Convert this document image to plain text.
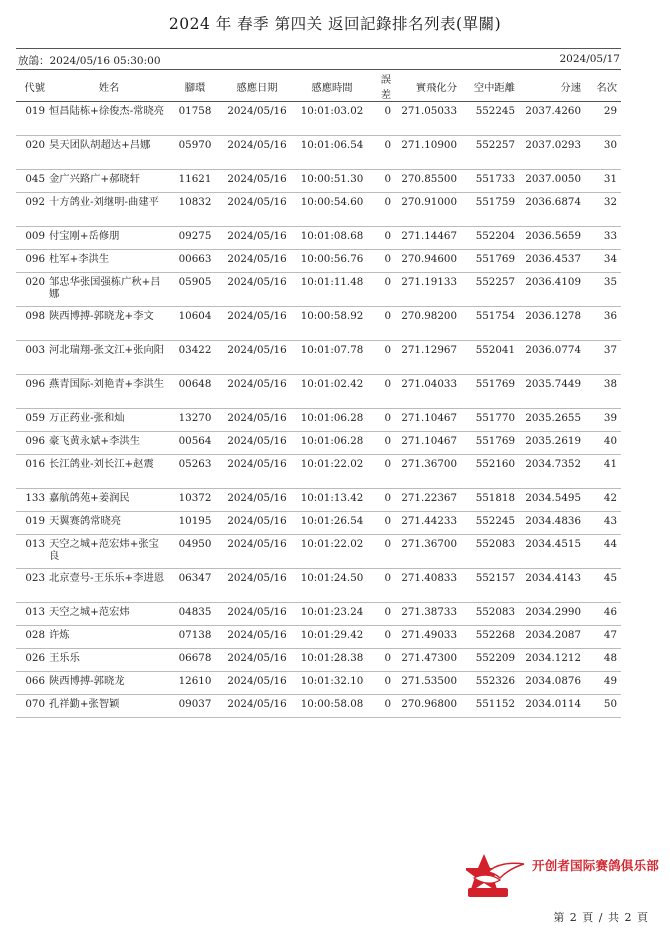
2024 年 春季 第四关 返回記錄排名列表(單關)
放鴿：2024/05/16 05:30:00	2024/05/17
代號	姓名	腳環	感應日期	感應時間	誤差	實飛化分	空中距離	分速	名次

019	恒昌陆栋+徐俊杰-常晓亮	01758	2024/05/16	10:01:03.02	0	271.05033	552245	2037.4260	29

020	昊天团队胡超达+吕娜	05970	2024/05/16	10:01:06.54	0	271.10900	552257	2037.0293	30

045	金广兴路广+郝晓轩	11621	2024/05/16	10:00:51.30	0	270.85500	551733	2037.0050	31

092	十方鸽业-刘继明-曲建平	10832	2024/05/16	10:00:54.60	0	270.91000	551759	2036.6874	32

009	付宝刚+岳修朋	09275	2024/05/16	10:01:08.68	0	271.14467	552204	2036.5659	33

096	杜军+李洪生	00663	2024/05/16	10:00:56.76	0	270.94600	551769	2036.4537	34

020	邹忠华张国强栋广秋+吕娜	05905	2024/05/16	10:01:11.48	0	271.19133	552257	2036.4109	35

098	陕西博搏-郭晓龙+李文	10604	2024/05/16	10:00:58.92	0	270.98200	551754	2036.1278	36

003	河北瑞翔-张文江+张向阳	03422	2024/05/16	10:01:07.78	0	271.12967	552041	2036.0774	37

096	燕青国际-刘艳青+李洪生	00648	2024/05/16	10:01:02.42	0	271.04033	551769	2035.7449	38

059	万正药业-张和灿	13270	2024/05/16	10:01:06.28	0	271.10467	551770	2035.2655	39

096	豪飞黄永斌+李洪生	00564	2024/05/16	10:01:06.28	0	271.10467	551769	2035.2619	40

016	长江鸽业-刘长江+赵震	05263	2024/05/16	10:01:22.02	0	271.36700	552160	2034.7352	41

133	嘉航鸽苑+姜润民	10372	2024/05/16	10:01:13.42	0	271.22367	551818	2034.5495	42

019	天翼赛鸽常晓亮	10195	2024/05/16	10:01:26.54	0	271.44233	552245	2034.4836	43

013	天空之城+范宏炜+张宝良	04950	2024/05/16	10:01:22.02	0	271.36700	552083	2034.4515	44

023	北京壹号-王乐乐+李进恩	06347	2024/05/16	10:01:24.50	0	271.40833	552157	2034.4143	45

013	天空之城+范宏炜	04835	2024/05/16	10:01:23.24	0	271.38733	552083	2034.2990	46

028	许炼	07138	2024/05/16	10:01:29.42	0	271.49033	552268	2034.2087	47

026	王乐乐	06678	2024/05/16	10:01:28.38	0	271.47300	552209	2034.1212	48

066	陕西博搏-郭晓龙	12610	2024/05/16	10:01:32.10	0	271.53500	552326	2034.0876	49

070	孔祥勤+张智颖	09037	2024/05/16	10:00:58.08	0	270.96800	551152	2034.0114	50
开创者国际赛鸽俱乐部
第 2 頁 / 共 2 頁
